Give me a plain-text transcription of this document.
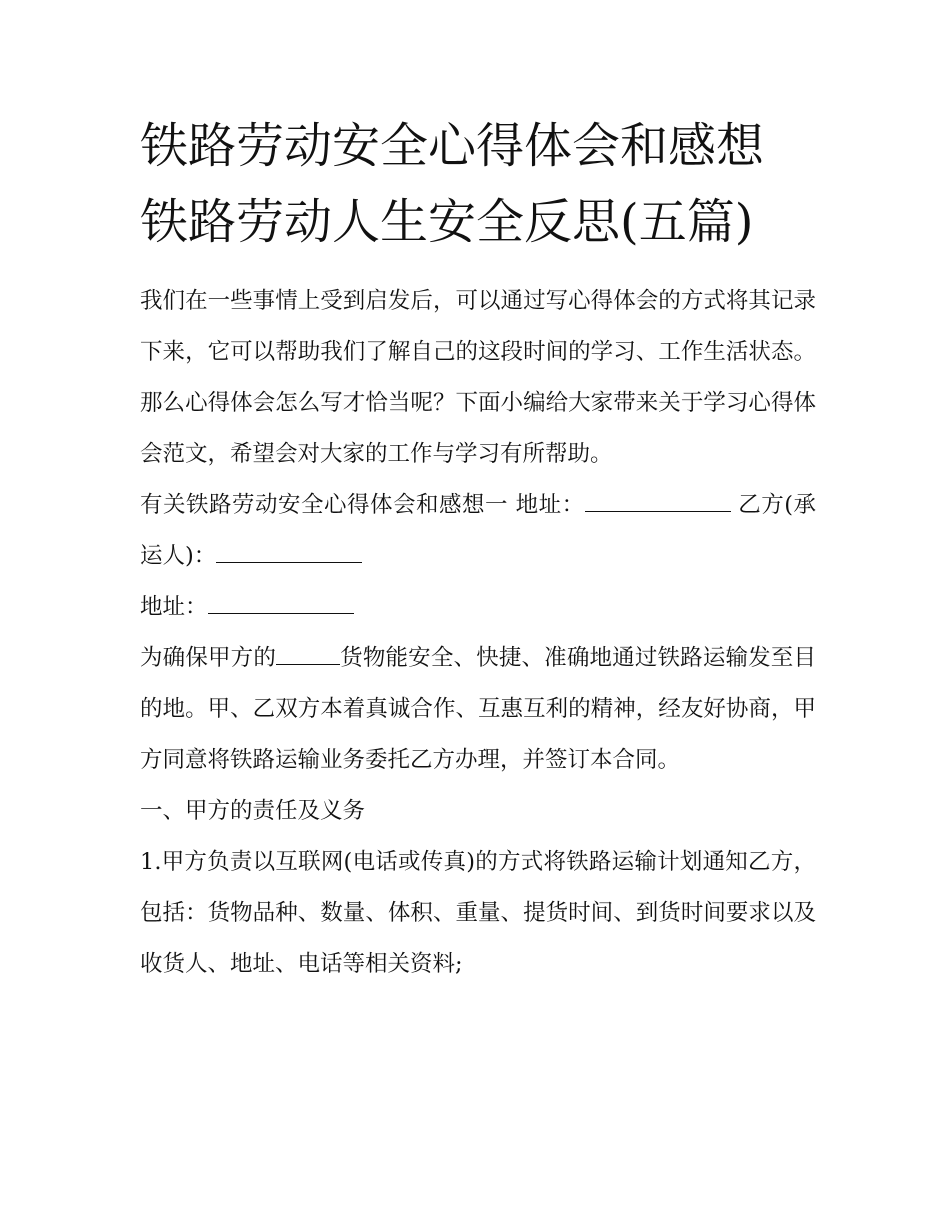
铁路劳动安全心得体会和感想
铁路劳动人生安全反思(五篇)

我们在一些事情上受到启发后，可以通过写心得体会的方式将其记录下来，它可以帮助我们了解自己的这段时间的学习、工作生活状态。那么心得体会怎么写才恰当呢？下面小编给大家带来关于学习心得体会范文，希望会对大家的工作与学习有所帮助。

有关铁路劳动安全心得体会和感想一 地址：	乙方(承运人)：

地址：

为确保甲方的	货物能安全、快捷、准确地通过铁路运输发至目的地。甲、乙双方本着真诚合作、互惠互利的精神，经友好协商，甲方同意将铁路运输业务委托乙方办理，并签订本合同。

一、甲方的责任及义务

1.甲方负责以互联网(电话或传真)的方式将铁路运输计划通知乙方，包括：货物品种、数量、体积、重量、提货时间、到货时间要求以及收货人、地址、电话等相关资料;
